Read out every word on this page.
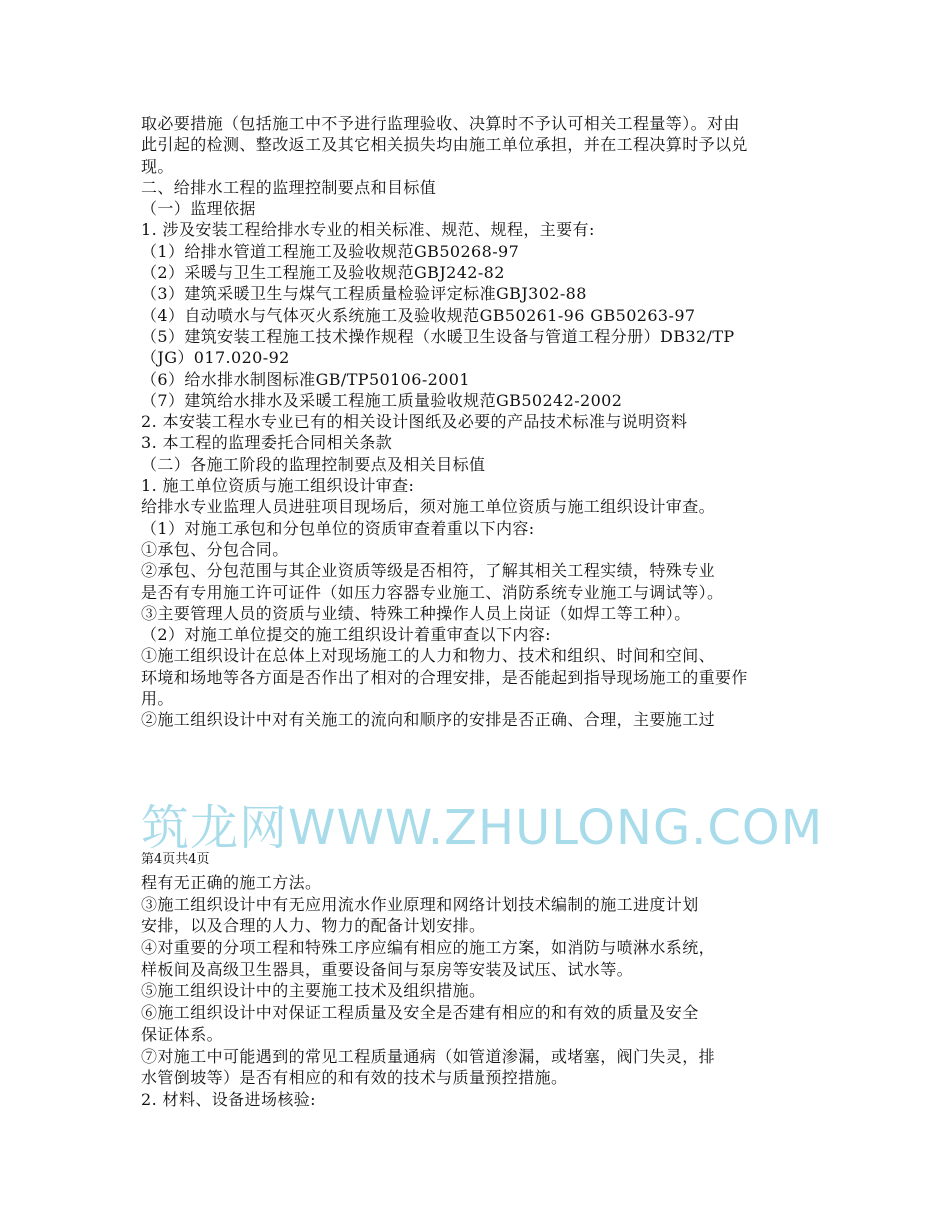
取必要措施（包括施工中不予进行监理验收、决算时不予认可相关工程量等）。对由
此引起的检测、整改返工及其它相关损失均由施工单位承担，并在工程决算时予以兑
现。
二、给排水工程的监理控制要点和目标值
（一）监理依据
1. 涉及安装工程给排水专业的相关标准、规范、规程，主要有:
（1）给排水管道工程施工及验收规范GB50268-97
（2）采暖与卫生工程施工及验收规范GBJ242-82
（3）建筑采暖卫生与煤气工程质量检验评定标准GBJ302-88
（4）自动喷水与气体灭火系统施工及验收规范GB50261-96 GB50263-97
（5）建筑安装工程施工技术操作规程（水暖卫生设备与管道工程分册）DB32/TP
（JG）017.020-92
（6）给水排水制图标准GB/TP50106-2001
（7）建筑给水排水及采暖工程施工质量验收规范GB50242-2002
2. 本安装工程水专业已有的相关设计图纸及必要的产品技术标准与说明资料
3. 本工程的监理委托合同相关条款
（二）各施工阶段的监理控制要点及相关目标值
1. 施工单位资质与施工组织设计审查:
给排水专业监理人员进驻项目现场后，须对施工单位资质与施工组织设计审查。
（1）对施工承包和分包单位的资质审查着重以下内容:
①承包、分包合同。
②承包、分包范围与其企业资质等级是否相符，了解其相关工程实绩，特殊专业
是否有专用施工许可证件（如压力容器专业施工、消防系统专业施工与调试等）。
③主要管理人员的资质与业绩、特殊工种操作人员上岗证（如焊工等工种）。
（2）对施工单位提交的施工组织设计着重审查以下内容:
①施工组织设计在总体上对现场施工的人力和物力、技术和组织、时间和空间、
环境和场地等各方面是否作出了相对的合理安排，是否能起到指导现场施工的重要作
用。
②施工组织设计中对有关施工的流向和顺序的安排是否正确、合理，主要施工过
筑龙网WWW.ZHULONG.COM
第4页共4页
程有无正确的施工方法。
③施工组织设计中有无应用流水作业原理和网络计划技术编制的施工进度计划
安排，以及合理的人力、物力的配备计划安排。
④对重要的分项工程和特殊工序应编有相应的施工方案，如消防与喷淋水系统，
样板间及高级卫生器具，重要设备间与泵房等安装及试压、试水等。
⑤施工组织设计中的主要施工技术及组织措施。
⑥施工组织设计中对保证工程质量及安全是否建有相应的和有效的质量及安全
保证体系。
⑦对施工中可能遇到的常见工程质量通病（如管道渗漏，或堵塞，阀门失灵，排
水管倒坡等）是否有相应的和有效的技术与质量预控措施。
2. 材料、设备进场核验:
